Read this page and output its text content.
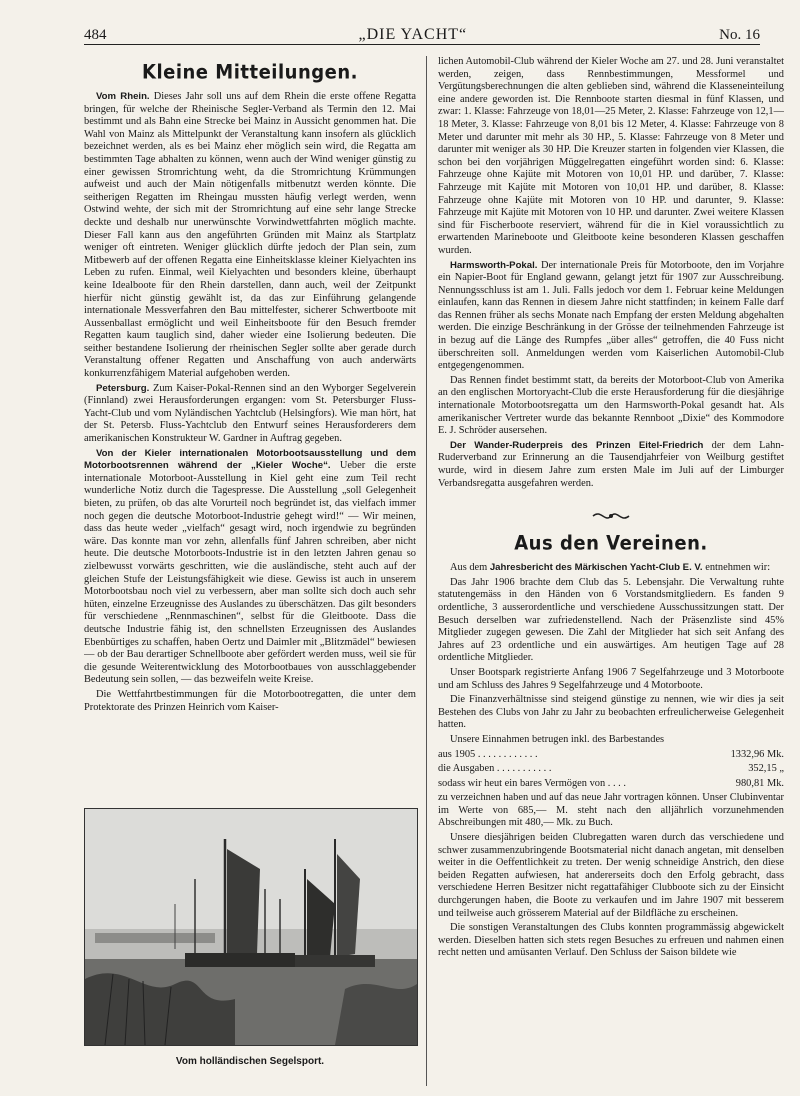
484	„DIE YACHT“	No. 16
Kleine Mitteilungen.

Vom Rhein. Dieses Jahr soll uns auf dem Rhein die erste offene Regatta bringen, für welche der Rheinische Segler-Verband als Termin den 12. Mai bestimmt und als Bahn eine Strecke bei Mainz in Aussicht genommen hat. Die Wahl von Mainz als Mittelpunkt der Veranstaltung kann insofern als glücklich bezeichnet werden, als es bei Mainz eher möglich sein wird, die Regatta am bestimmten Tage abhalten zu können, wenn auch der Wind weniger günstig zu einer gewissen Stromrichtung weht, da die Stromrichtung Krümmungen aufweist und auch der Main nötigenfalls mitbenutzt werden könnte. Die seitherigen Regatten im Rheingau mussten häufig verlegt werden, wenn Ostwind wehte, der sich mit der Stromrichtung auf eine sehr lange Strecke deckte und deshalb nur unerwünschte Vorwindwettfahrten möglich machte. Dieser Fall kann aus den angeführten Gründen mit Mainz als Startplatz weniger oft eintreten. Weniger glücklich dürfte jedoch der Plan sein, zum Mitbewerb auf der offenen Regatta eine Einheitsklasse kleiner Kielyachten ins Leben zu rufen. Einmal, weil Kielyachten und besonders kleine, überhaupt keine Idealboote für den Rhein darstellen, dann auch, weil der Zeitpunkt hierfür nicht günstig gewählt ist, da das zur Einführung gelangende internationale Messverfahren den Bau mittelfester, sicherer Schwertboote mit Aussenballast ermöglicht und weil Einheitsboote für den Besuch fremder Regatten kaum tauglich sind, daher wieder eine Isolierung bedeuten. Die seither bestandene Isolierung der rheinischen Segler sollte aber gerade durch Veranstaltung offener Regatten und Anschaffung von auch anderwärts konkurrenzfähigem Material aufgehoben werden.

Petersburg. Zum Kaiser-Pokal-Rennen sind an den Wyborger Segelverein (Finnland) zwei Herausforderungen ergangen: vom St. Petersburger Fluss-Yacht-Club und vom Nyländischen Yachtclub (Helsingfors). Wie man hört, hat der St. Petersb. Fluss-Yachtclub den Entwurf seines Herausforderers dem amerikanischen Konstrukteur W. Gardner in Auftrag gegeben.

Von der Kieler internationalen Motorbootsausstellung und dem Motorbootsrennen während der „Kieler Woche“. Ueber die erste internationale Motorboot-Ausstellung in Kiel geht eine zum Teil recht wunderliche Notiz durch die Tagespresse. Die Ausstellung „soll Gelegenheit bieten, zu prüfen, ob das alte Vorurteil noch begründet ist, das vielfach immer noch gegen die deutsche Motorboot-Industrie gehegt wird!“ — Wir meinen, dass das heute weder „vielfach“ gesagt wird, noch irgendwie zu begründen wäre. Das konnte man vor zehn, allenfalls fünf Jahren schreiben, aber nicht heute. Die deutsche Motorboots-Industrie ist in den letzten Jahren genau so zielbewusst vorwärts geschritten, wie die ausländische, steht auch auf der gleichen Stufe der Leistungsfähigkeit wie diese. Gewiss ist auch in unserem Motorbootsbau noch viel zu verbessern, aber man sollte sich doch auch sehr hüten, einzelne Erzeugnisse des Auslandes zu überschätzen. Das gilt besonders für verschiedene „Rennmaschinen“, selbst für die Gleitboote. Dass die deutsche Industrie fähig ist, den schnellsten Erzeugnissen des Auslandes Ebenbürtiges zu schaffen, haben Oertz und Daimler mit „Blitzmädel“ bewiesen — ob der Bau derartiger Schnellboote aber gefördert werden muss, weil sie für die gesunde Weiterentwicklung des Motorbootbaues von ausschlaggebender Bedeutung sein sollen, — das bezweifeln weite Kreise.

Die Wettfahrtbestimmungen für die Motorbootregatten, die unter dem Protektorate des Prinzen Heinrich vom Kaiser-

Vom holländischen Segelsport.

lichen Automobil-Club während der Kieler Woche am 27. und 28. Juni veranstaltet werden, zeigen, dass Rennbestimmungen, Messformel und Vergütungsberechnungen die alten geblieben sind, während die Klasseneinteilung eine andere geworden ist. Die Rennboote starten diesmal in fünf Klassen, und zwar: 1. Klasse: Fahrzeuge von 18,01—25 Meter, 2. Klasse: Fahrzeuge von 12,1—18 Meter, 3. Klasse: Fahrzeuge von 8,01 bis 12 Meter, 4. Klasse: Fahrzeuge von 8 Meter und darunter mit mehr als 30 HP., 5. Klasse: Fahrzeuge von 8 Meter und darunter mit weniger als 30 HP. Die Kreuzer starten in folgenden vier Klassen, die schon bei den vorjährigen Müggelregatten eingeführt worden sind: 6. Klasse: Fahrzeuge ohne Kajüte mit Motoren von 10,01 HP. und darüber, 7. Klasse: Fahrzeuge mit Kajüte mit Motoren von 10,01 HP. und darüber, 8. Klasse: Fahrzeuge ohne Kajüte mit Motoren von 10 HP. und darunter, 9. Klasse: Fahrzeuge mit Kajüte mit Motoren von 10 HP. und darunter. Zwei weitere Klassen sind für Fischerboote reserviert, während für die in Kiel voraussichtlich zu erwartenden Marineboote und Gleitboote keine besonderen Klassen geschaffen wurden.

Harmsworth-Pokal. Der internationale Preis für Motorboote, den im Vorjahre ein Napier-Boot für England gewann, gelangt jetzt für 1907 zur Ausschreibung. Nennungsschluss ist am 1. Juli. Falls jedoch vor dem 1. Februar keine Meldungen einlaufen, kann das Rennen in diesem Jahre nicht stattfinden; in keinem Falle darf das Rennen früher als sechs Monate nach Empfang der ersten Meldung abgehalten werden. Die einzige Beschränkung in der Grösse der teilnehmenden Fahrzeuge ist in bezug auf die Länge des Rumpfes „über alles“ getroffen, die 40 Fuss nicht überschreiten soll. Anmeldungen werden vom Kaiserlichen Automobil-Club entgegengenommen.

Das Rennen findet bestimmt statt, da bereits der Motorboot-Club von Amerika an den englischen Mortoryacht-Club die erste Herausforderung für die diesjährige internationale Motorbootsregatta um den Harmsworth-Pokal gesandt hat. Als amerikanischer Vertreter wurde das bekannte Rennboot „Dixie“ des Kommodore E. J. Schröder ausersehen.

Der Wander-Ruderpreis des Prinzen Eitel-Friedrich der dem Lahn-Ruderverband zur Erinnerung an die Tausendjahrfeier von Weilburg gestiftet wurde, wird in diesem Jahre zum ersten Male im Juli auf der Limburger Verbandsregatta ausgefahren werden.

Aus den Vereinen.

Aus dem Jahresbericht des Märkischen Yacht-Club E. V. entnehmen wir:

Das Jahr 1906 brachte dem Club das 5. Lebensjahr. Die Verwaltung ruhte statutengemäss in den Händen von 6 Vorstandsmitgliedern. Es fanden 9 ordentliche, 3 ausserordentliche und verschiedene Ausschussitzungen statt. Der Besuch derselben war zufriedenstellend. Nach der Präsenzliste sind 45% Mitglieder zugegen gewesen. Die Zahl der Mitglieder hat sich seit Anfang des Jahres auf 23 ordentliche und ein auswärtiges. Am heutigen Tage auf 28 ordentliche Mitglieder.

Unser Bootspark registrierte Anfang 1906 7 Segelfahrzeuge und 3 Motorboote und am Schluss des Jahres 9 Segelfahrzeuge und 4 Motorboote.

Die Finanzverhältnisse sind steigend günstige zu nennen, wie wir dies ja seit Bestehen des Clubs von Jahr zu Jahr zu beobachten erfreulicherweise Gelegenheit hatten.

Unsere Einnahmen betrugen inkl. des Barbestandes

aus 1905 . . . . . . . . . . . .	1332,96 Mk.

die Ausgaben . . . . . . . . . . .	352,15 „

sodass wir heut ein bares Vermögen von . . . .	980,81 Mk.

zu verzeichnen haben und auf das neue Jahr vortragen können. Unser Clubinventar im Werte von 685,— M. steht nach den alljährlich vorzunehmenden Abschreibungen mit 480,— Mk. zu Buch.

Unsere diesjährigen beiden Clubregatten waren durch das verschiedene und schwer zusammenzubringende Bootsmaterial nicht danach angetan, mit denselben weiter in die Oeffentlichkeit zu treten. Der wenig schneidige Anstrich, den diese beiden Regatten aufwiesen, hat andererseits doch den Erfolg gebracht, dass verschiedene Herren Besitzer nicht regattafähiger Clubboote sich zu der Einsicht durchgerungen haben, die Boote zu verkaufen und im Jahre 1907 mit besserem und teilweise auch grösserem Material auf der Bildfläche zu erscheinen.

Die sonstigen Veranstaltungen des Clubs konnten programmässig abgewickelt werden. Dieselben hatten sich stets regen Besuches zu erfreuen und nahmen einen recht netten und amüsanten Verlauf. Den Schluss der Saison bildete wie
